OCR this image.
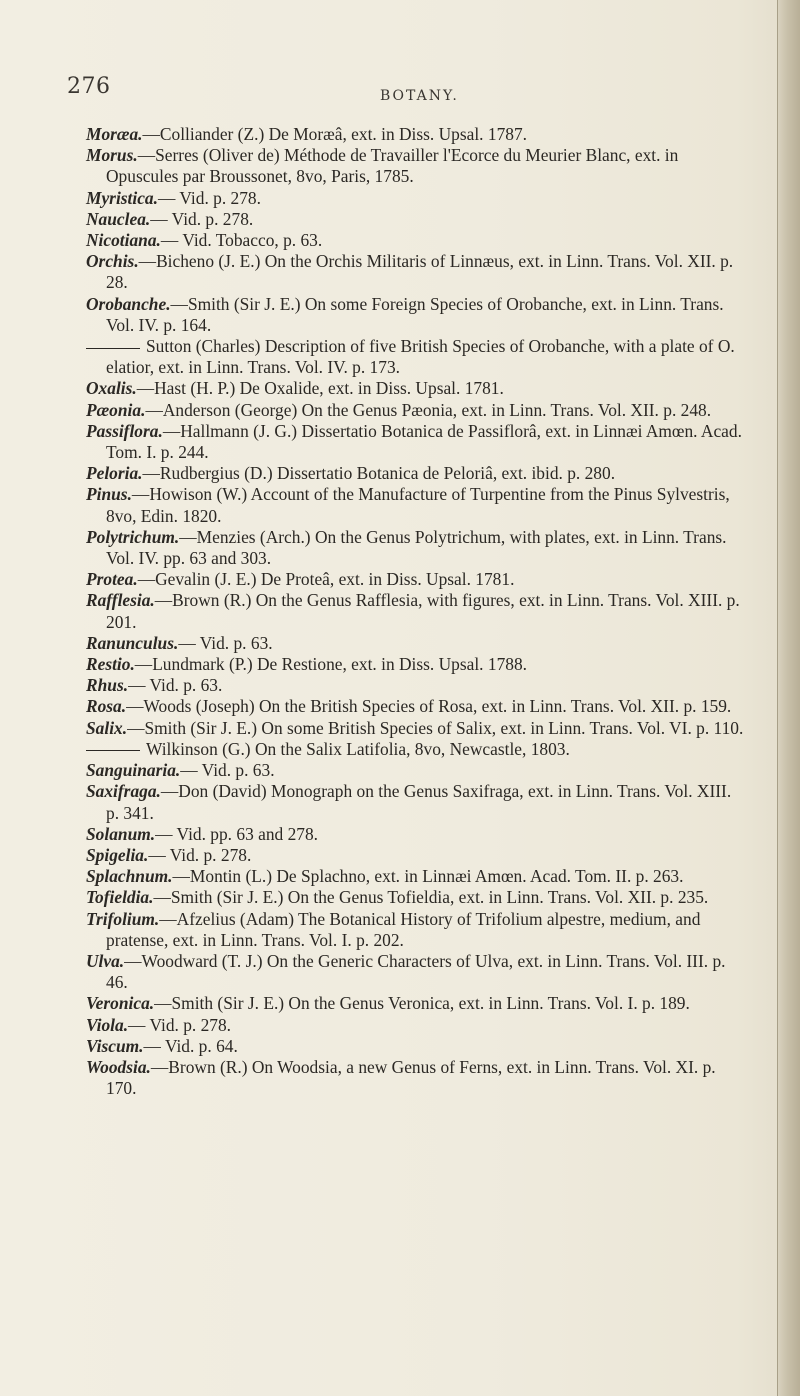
276	BOTANY.
Moræa.—Colliander (Z.) De Moræâ, ext. in Diss. Upsal. 1787.
Morus.—Serres (Oliver de) Méthode de Travailler l'Ecorce du Meurier Blanc, ext. in Opuscules par Broussonet, 8vo, Paris, 1785.
Myristica.— Vid. p. 278.
Nauclea.— Vid. p. 278.
Nicotiana.— Vid. Tobacco, p. 63.
Orchis.—Bicheno (J. E.) On the Orchis Militaris of Linnæus, ext. in Linn. Trans. Vol. XII. p. 28.
Orobanche.—Smith (Sir J. E.) On some Foreign Species of Orobanche, ext. in Linn. Trans. Vol. IV. p. 164.
Sutton (Charles) Description of five British Species of Orobanche, with a plate of O. elatior, ext. in Linn. Trans. Vol. IV. p. 173.
Oxalis.—Hast (H. P.) De Oxalide, ext. in Diss. Upsal. 1781.
Pæonia.—Anderson (George) On the Genus Pæonia, ext. in Linn. Trans. Vol. XII. p. 248.
Passiflora.—Hallmann (J. G.) Dissertatio Botanica de Passiflorâ, ext. in Linnæi Amœn. Acad. Tom. I. p. 244.
Peloria.—Rudbergius (D.) Dissertatio Botanica de Peloriâ, ext. ibid. p. 280.
Pinus.—Howison (W.) Account of the Manufacture of Turpentine from the Pinus Sylvestris, 8vo, Edin. 1820.
Polytrichum.—Menzies (Arch.) On the Genus Polytrichum, with plates, ext. in Linn. Trans. Vol. IV. pp. 63 and 303.
Protea.—Gevalin (J. E.) De Proteâ, ext. in Diss. Upsal. 1781.
Rafflesia.—Brown (R.) On the Genus Rafflesia, with figures, ext. in Linn. Trans. Vol. XIII. p. 201.
Ranunculus.— Vid. p. 63.
Restio.—Lundmark (P.) De Restione, ext. in Diss. Upsal. 1788.
Rhus.— Vid. p. 63.
Rosa.—Woods (Joseph) On the British Species of Rosa, ext. in Linn. Trans. Vol. XII. p. 159.
Salix.—Smith (Sir J. E.) On some British Species of Salix, ext. in Linn. Trans. Vol. VI. p. 110.
Wilkinson (G.) On the Salix Latifolia, 8vo, Newcastle, 1803.
Sanguinaria.— Vid. p. 63.
Saxifraga.—Don (David) Monograph on the Genus Saxifraga, ext. in Linn. Trans. Vol. XIII. p. 341.
Solanum.— Vid. pp. 63 and 278.
Spigelia.— Vid. p. 278.
Splachnum.—Montin (L.) De Splachno, ext. in Linnæi Amœn. Acad. Tom. II. p. 263.
Tofieldia.—Smith (Sir J. E.) On the Genus Tofieldia, ext. in Linn. Trans. Vol. XII. p. 235.
Trifolium.—Afzelius (Adam) The Botanical History of Trifolium alpestre, medium, and pratense, ext. in Linn. Trans. Vol. I. p. 202.
Ulva.—Woodward (T. J.) On the Generic Characters of Ulva, ext. in Linn. Trans. Vol. III. p. 46.
Veronica.—Smith (Sir J. E.) On the Genus Veronica, ext. in Linn. Trans. Vol. I. p. 189.
Viola.— Vid. p. 278.
Viscum.— Vid. p. 64.
Woodsia.—Brown (R.) On Woodsia, a new Genus of Ferns, ext. in Linn. Trans. Vol. XI. p. 170.
